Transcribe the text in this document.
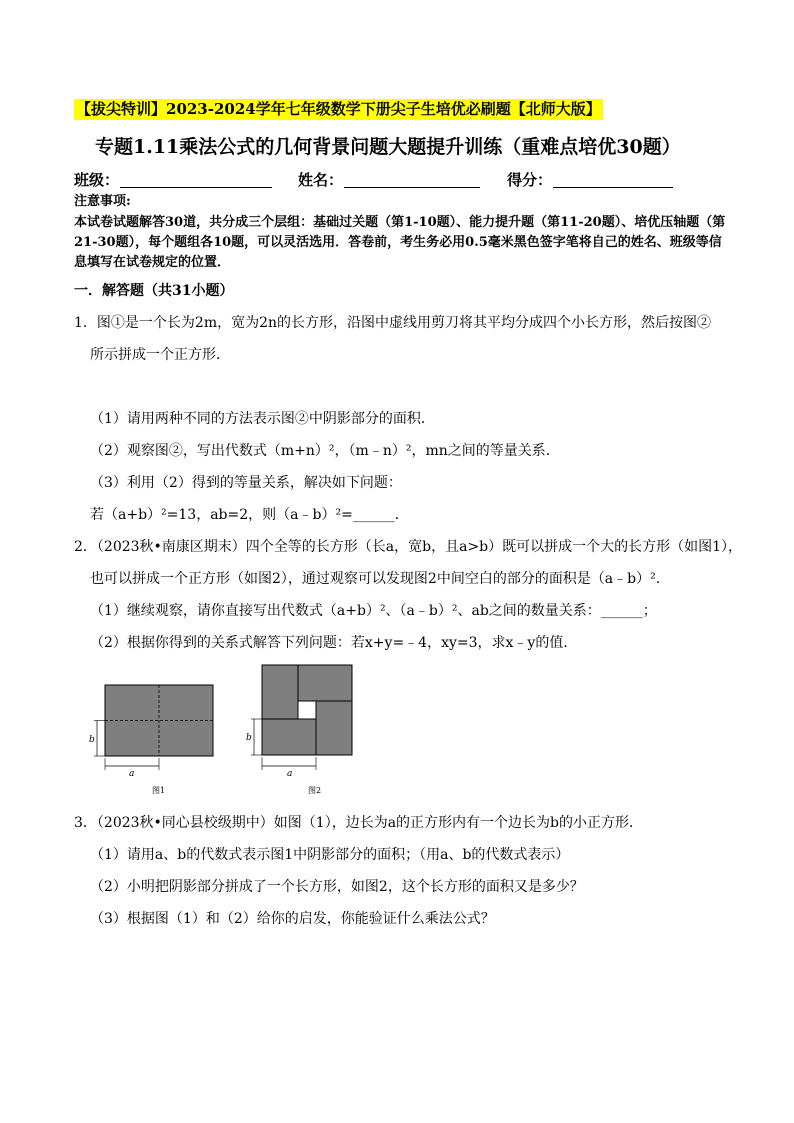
【拔尖特训】2023-2024学年七年级数学下册尖子生培优必刷题【北师大版】
专题1.11乘法公式的几何背景问题大题提升训练（重难点培优30题）
班级：	姓名：	得分：
注意事项:
本试卷试题解答30道，共分成三个层组：基础过关题（第1-10题）、能力提升题（第11-20题）、培优压轴题（第21-30题），每个题组各10题，可以灵活选用．答卷前，考生务必用0.5毫米黑色签字笔将自己的姓名、班级等信息填写在试卷规定的位置．
一．解答题（共31小题）
1．图①是一个长为2m，宽为2n的长方形，沿图中虚线用剪刀将其平均分成四个小长方形，然后按图②
所示拼成一个正方形．
（1）请用两种不同的方法表示图②中阴影部分的面积．
（2）观察图②，写出代数式（m+n）²，（m﹣n）²，mn之间的等量关系．
（3）利用（2）得到的等量关系，解决如下问题：
若（a+b）²=13，ab=2，则（a﹣b）²=______．
2．（2023秋•南康区期末）四个全等的长方形（长a，宽b，且a>b）既可以拼成一个大的长方形（如图1），
也可以拼成一个正方形（如图2），通过观察可以发现图2中间空白的部分的面积是（a﹣b）².
（1）继续观察，请你直接写出代数式（a+b）²、（a﹣b）²、ab之间的数量关系：______；
（2）根据你得到的关系式解答下列问题：若x+y=﹣4，xy=3，求x﹣y的值．
b
a
图1
b
a
图2
3．（2023秋•同心县校级期中）如图（1），边长为a的正方形内有一个边长为b的小正方形．
（1）请用a、b的代数式表示图1中阴影部分的面积；（用a、b的代数式表示）
（2）小明把阴影部分拼成了一个长方形，如图2，这个长方形的面积又是多少？
（3）根据图（1）和（2）给你的启发，你能验证什么乘法公式？
